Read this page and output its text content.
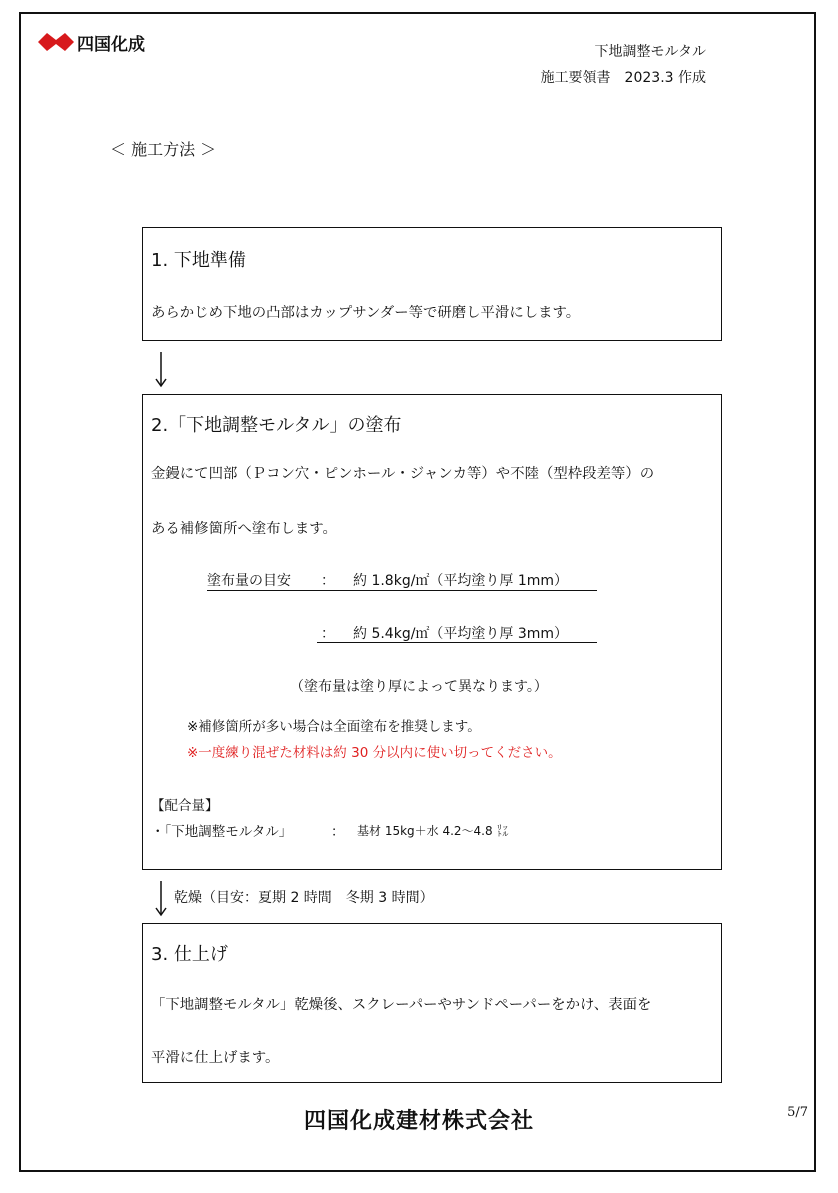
四国化成	下地調整モルタル
施工要領書　2023.3 作成
＜ 施工方法 ＞
1. 下地準備
あらかじめ下地の凸部はカップサンダー等で研磨し平滑にします。
2.「下地調整モルタル」の塗布
金鏝にて凹部（Ｐコン穴・ピンホール・ジャンカ等）や不陸（型枠段差等）の
ある補修箇所へ塗布します。
塗布量の目安 ： 約 1.8kg/㎡（平均塗り厚 1mm）
： 約 5.4kg/㎡（平均塗り厚 3mm）
（塗布量は塗り厚によって異なります。）
※補修箇所が多い場合は全面塗布を推奨します。
※一度練り混ぜた材料は約 30 分以内に使い切ってください。
【配合量】
・「下地調整モルタル」	： 基材 15kg＋水 4.2～4.8 ㍑
乾燥（目安：夏期 2 時間　冬期 3 時間）
3. 仕上げ
「下地調整モルタル」乾燥後、スクレーパーやサンドペーパーをかけ、表面を
平滑に仕上げます。
四国化成建材株式会社	5/7
